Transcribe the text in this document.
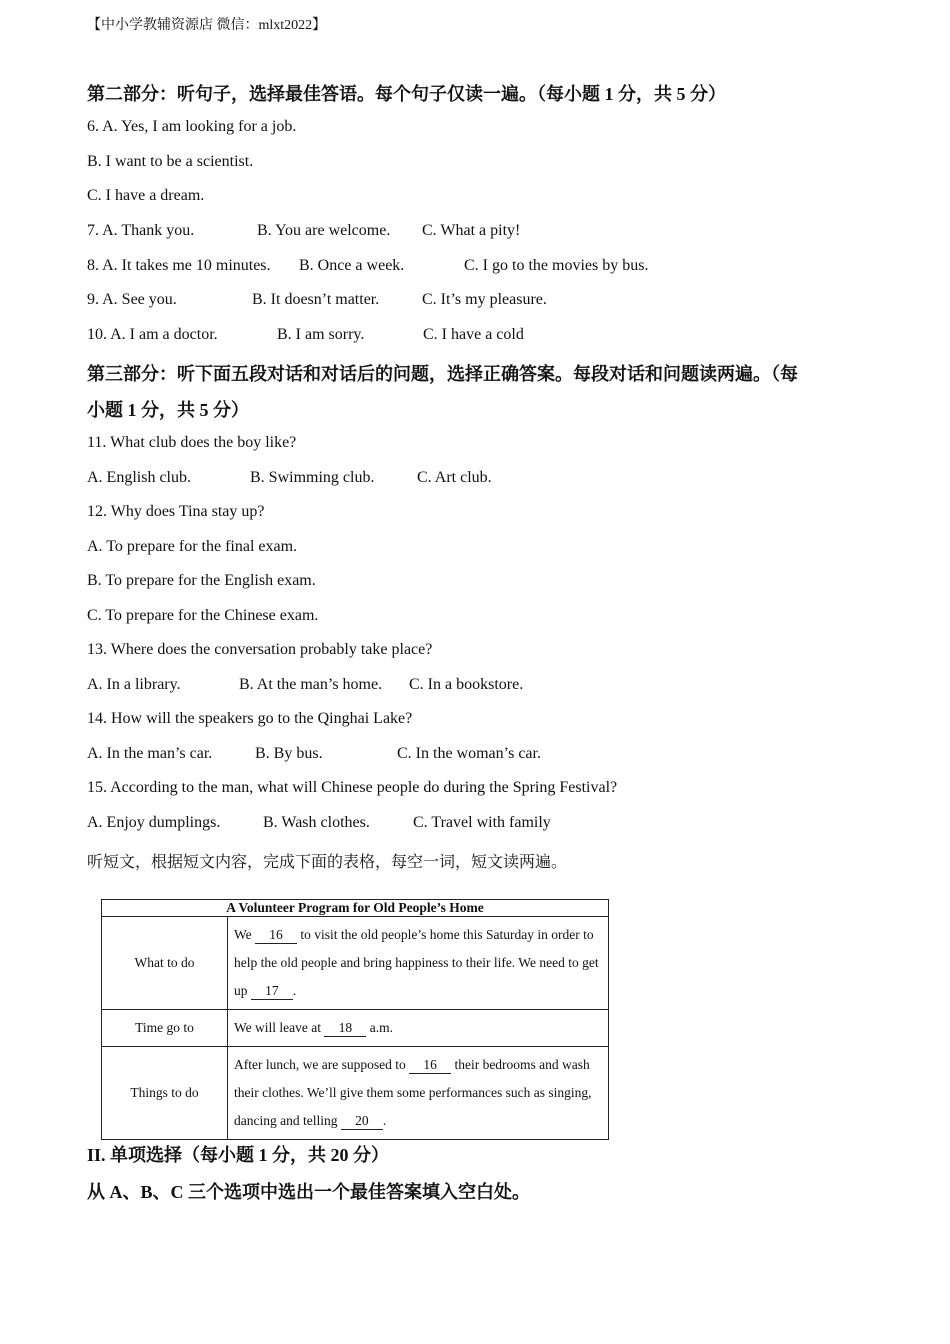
【中小学教辅资源店 微信：mlxt2022】
第二部分：听句子，选择最佳答语。每个句子仅读一遍。（每小题 1 分，共 5 分）
6. A. Yes, I am looking for a job.
B. I want to be a scientist.
C. I have a dream.
7. A. Thank you.	B. You are welcome. C. What a pity!
8. A. It takes me 10 minutes. B. Once a week.	C. I go to the movies by bus.
9. A. See you.	B. It doesn’t matter.	C. It’s my pleasure.
10. A. I am a doctor.	B. I am sorry.	C. I have a cold
第三部分：听下面五段对话和对话后的问题，选择正确答案。每段对话和问题读两遍。（每
小题 1 分，共 5 分）
11. What club does the boy like?
A. English club.	B. Swimming club.	C. Art club.
12. Why does Tina stay up?
A. To prepare for the final exam.
B. To prepare for the English exam.
C. To prepare for the Chinese exam.
13. Where does the conversation probably take place?
A. In a library.	B. At the man’s home. C. In a bookstore.
14. How will the speakers go to the Qinghai Lake?
A. In the man’s car.	B. By bus.	C. In the woman’s car.
15. According to the man, what will Chinese people do during the Spring Festival?
A. Enjoy dumplings.	B. Wash clothes.	C. Travel with family
听短文，根据短文内容，完成下面的表格，每空一词，短文读两遍。
A Volunteer Program for Old People’s Home	
What to do	We 16 to visit the old people’s home this Saturday in order to help the old people and bring happiness to their life. We need to get up 17 .
Time go to	We will leave at 18 a.m.
Things to do	After lunch, we are supposed to 16 their bedrooms and wash their clothes. We’ll give them some performances such as singing, dancing and telling 20 .
II. 单项选择（每小题 1 分，共 20 分）
从 A、B、C 三个选项中选出一个最佳答案填入空白处。
